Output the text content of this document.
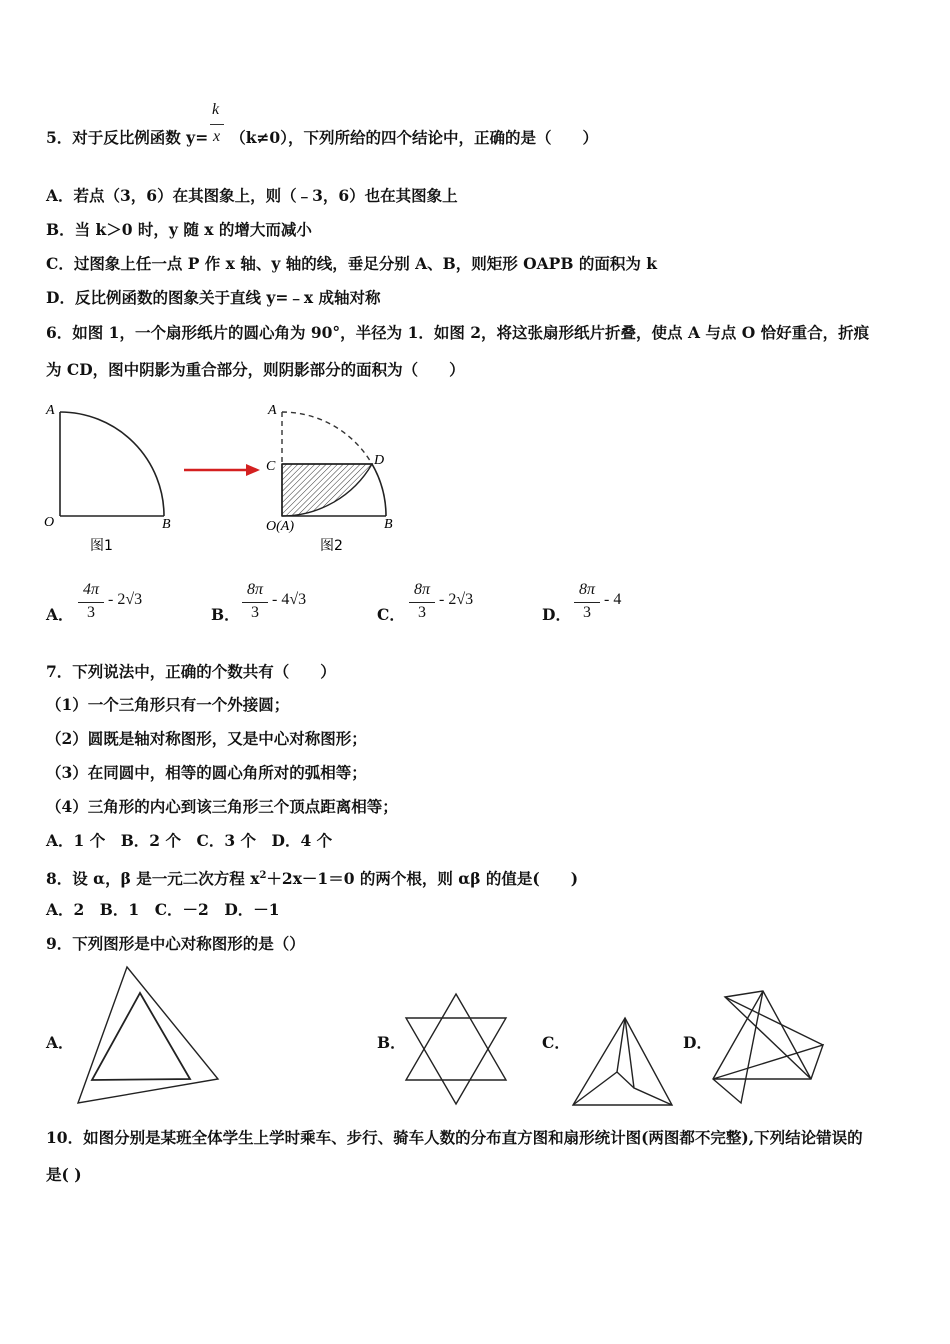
5．对于反比例函数 y= （k≠0），下列所给的四个结论中，正确的是（　　）
k
x
A．若点（3，6）在其图象上，则（﹣3，6）也在其图象上
B．当 k＞0 时，y 随 x 的增大而减小
C．过图象上任一点 P 作 x 轴、y 轴的线，垂足分别 A、B，则矩形 OAPB 的面积为 k
D．反比例函数的图象关于直线 y=﹣x 成轴对称
6．如图 1，一个扇形纸片的圆心角为 90°，半径为 1．如图 2，将这张扇形纸片折叠，使点 A 与点 O 恰好重合，折痕
为 CD，图中阴影为重合部分，则阴影部分的面积为（　　）
A
O	B
图1
A
C	D
O(A)	B
图2
A．
4π
3
- 2√3
B．
8π
3
- 4√3
C．
8π
3
- 2√3
D．
8π
3
- 4
7．下列说法中，正确的个数共有（　　）
（1）一个三角形只有一个外接圆；
（2）圆既是轴对称图形，又是中心对称图形；
（3）在同圆中，相等的圆心角所对的弧相等；
（4）三角形的内心到该三角形三个顶点距离相等；
A．1 个　B．2 个　C．3 个　D．4 个
8．设 α，β 是一元二次方程 $x^2+2x-1=0$ 的两个根，则 αβ 的值是(　　)
A．2　B．1　C．－2　D．－1
9．下列图形是中心对称图形的是（）
A．	B．	C．	D．
10．如图分别是某班全体学生上学时乘车、步行、骑车人数的分布直方图和扇形统计图(两图都不完整),下列结论错误的
是( )
